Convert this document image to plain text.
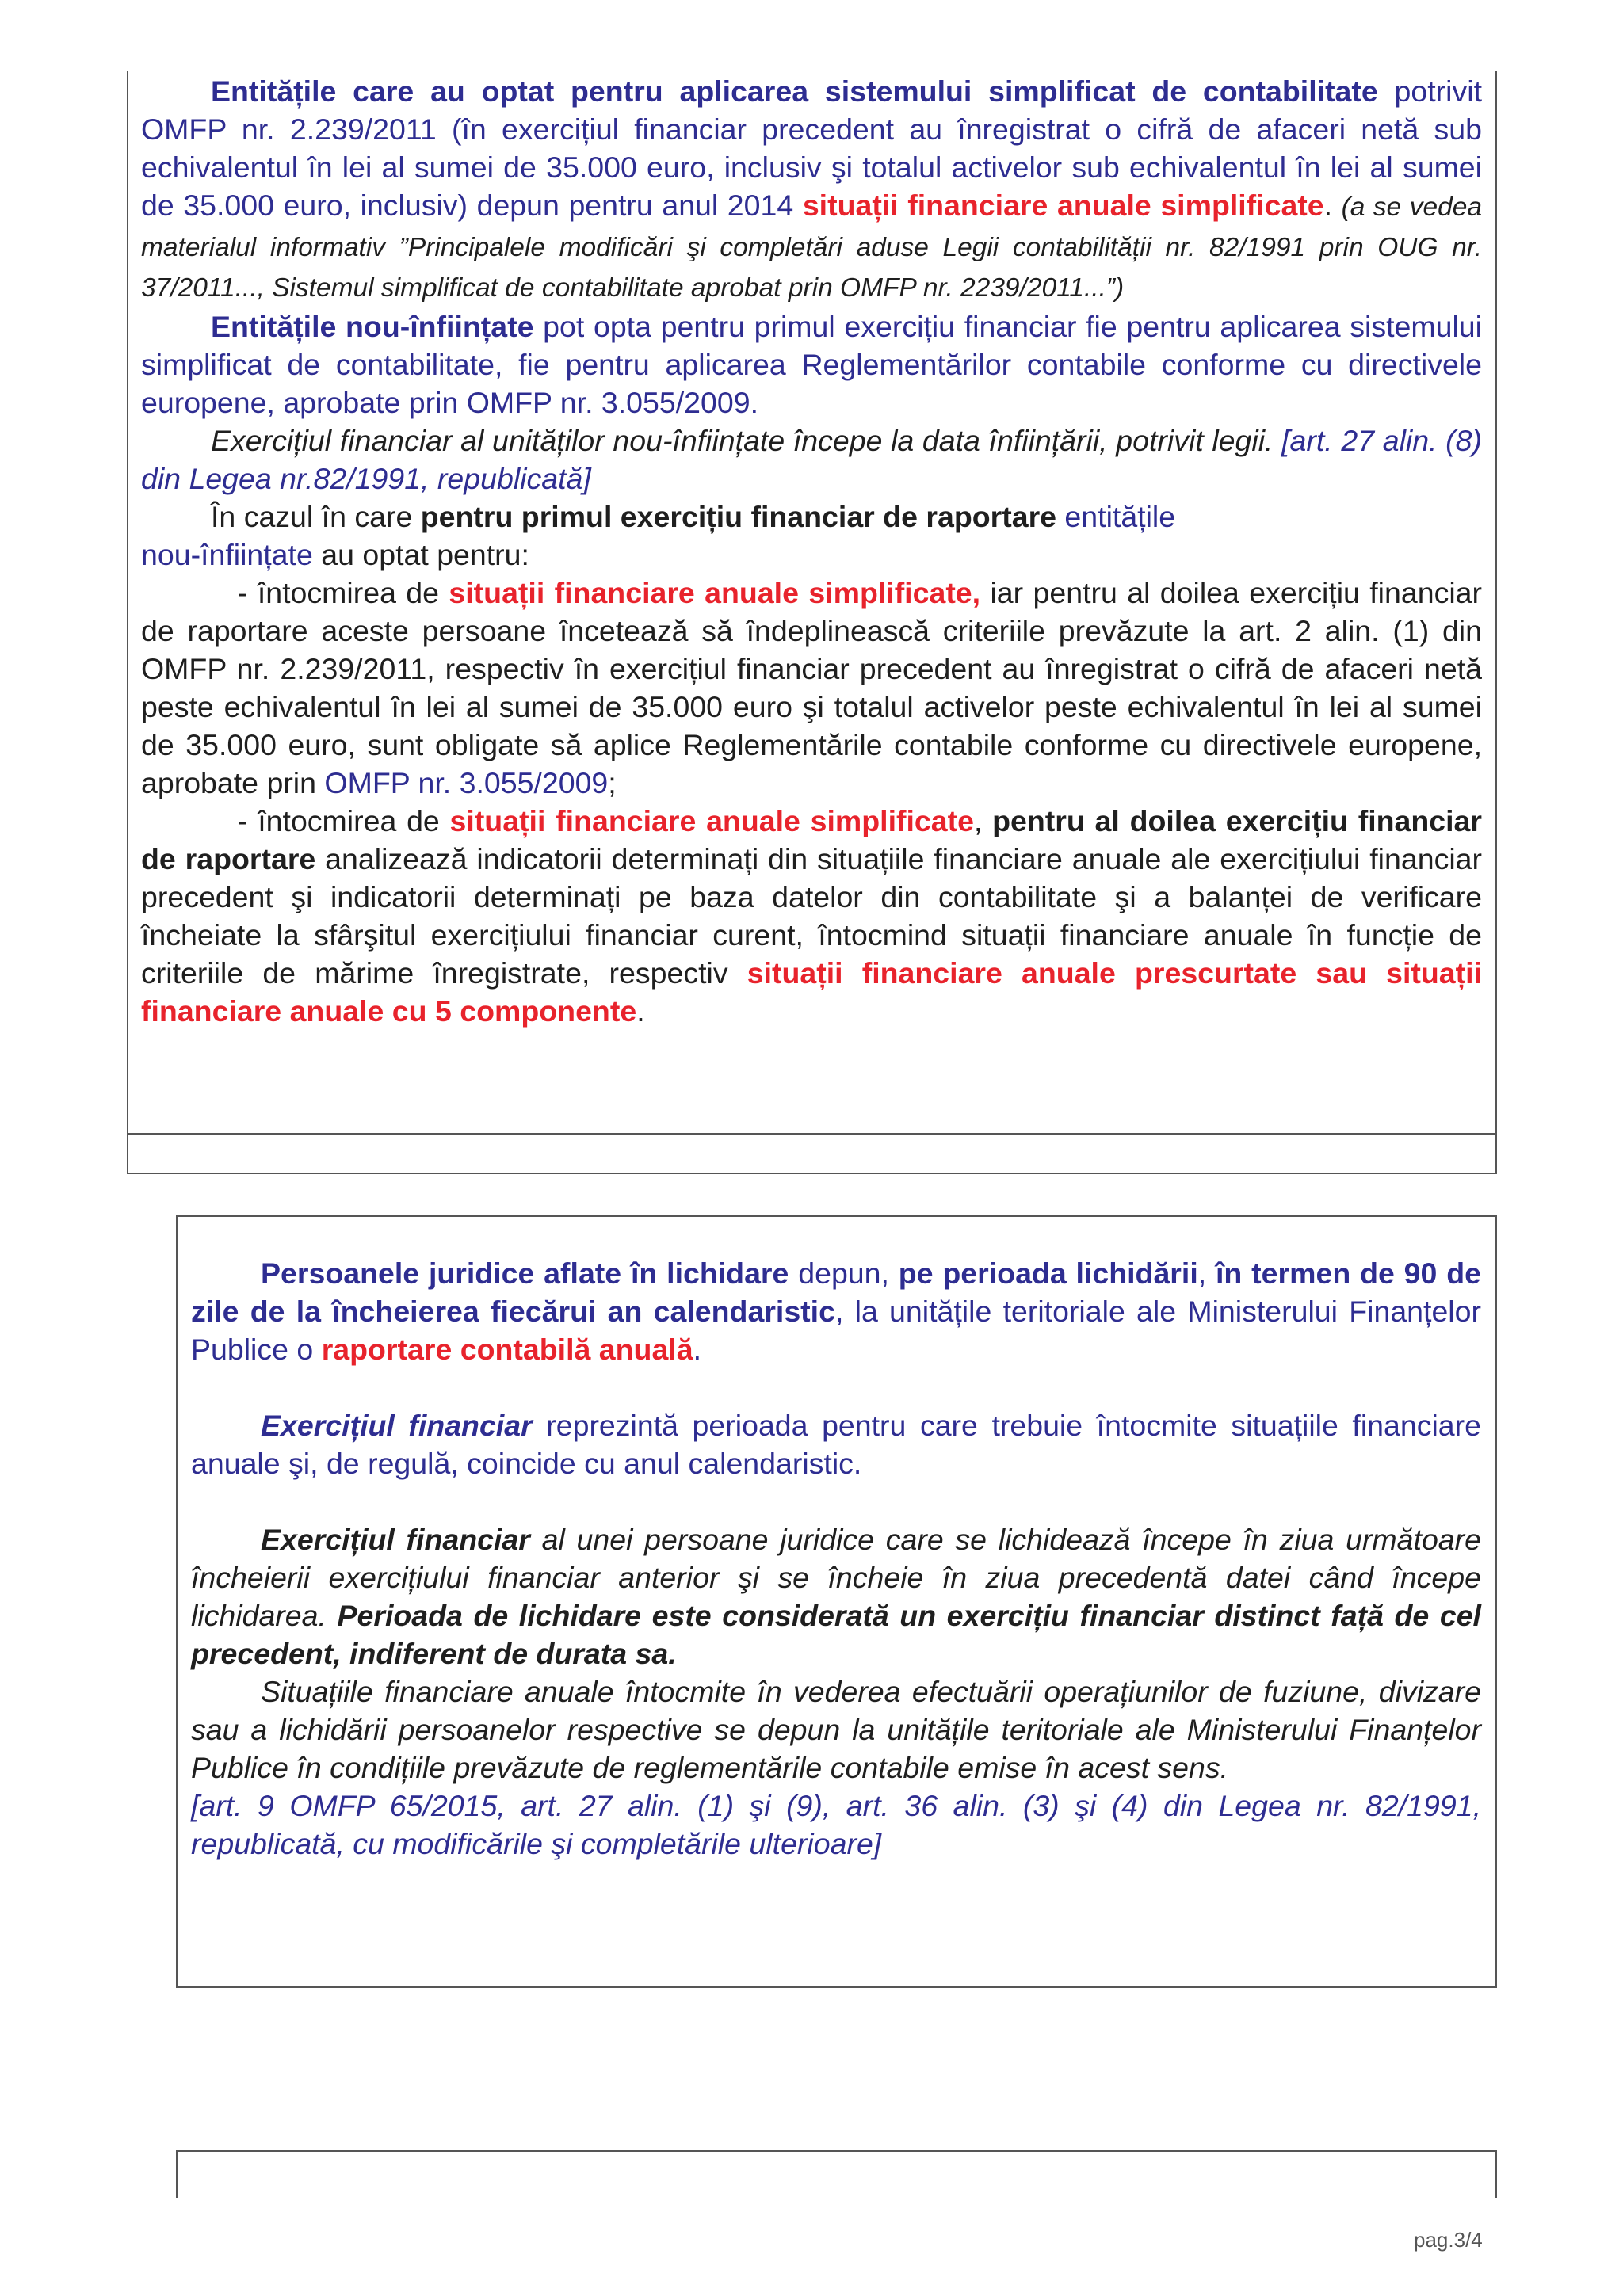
Entitățile care au optat pentru aplicarea sistemului simplificat de contabilitate potrivit OMFP nr. 2.239/2011 (în exercițiul financiar precedent au înregistrat o cifră de afaceri netă sub echivalentul în lei al sumei de 35.000 euro, inclusiv şi totalul activelor sub echivalentul în lei al sumei de 35.000 euro, inclusiv) depun pentru anul 2014 situații financiare anuale simplificate. (a se vedea materialul informativ ”Principalele modificări şi completări aduse Legii contabilității nr. 82/1991 prin OUG nr. 37/2011..., Sistemul simplificat de contabilitate aprobat prin OMFP nr. 2239/2011...”)

Entitățile nou-înființate pot opta pentru primul exercițiu financiar fie pentru aplicarea sistemului simplificat de contabilitate, fie pentru aplicarea Reglementărilor contabile conforme cu directivele europene, aprobate prin OMFP nr. 3.055/2009.

Exercițiul financiar al unităților nou-înființate începe la data înființării, potrivit legii. [art. 27 alin. (8) din Legea nr.82/1991, republicată]

În cazul în care pentru primul exercițiu financiar de raportare entitățile

nou-înființate au optat pentru:

- întocmirea de situații financiare anuale simplificate, iar pentru al doilea exercițiu financiar de raportare aceste persoane încetează să îndeplinească criteriile prevăzute la art. 2 alin. (1) din OMFP nr. 2.239/2011, respectiv în exercițiul financiar precedent au înregistrat o cifră de afaceri netă peste echivalentul în lei al sumei de 35.000 euro şi totalul activelor peste echivalentul în lei al sumei de 35.000 euro, sunt obligate să aplice Reglementările contabile conforme cu directivele europene, aprobate prin OMFP nr. 3.055/2009;

- întocmirea de situații financiare anuale simplificate, pentru al doilea exercițiu financiar de raportare analizează indicatorii determinați din situațiile financiare anuale ale exercițiului financiar precedent şi indicatorii determinați pe baza datelor din contabilitate şi a balanței de verificare încheiate la sfârşitul exercițiului financiar curent, întocmind situații financiare anuale în funcție de criteriile de mărime înregistrate, respectiv situații financiare anuale prescurtate sau situații financiare anuale cu 5 componente.

Persoanele juridice aflate în lichidare depun, pe perioada lichidării, în termen de 90 de zile de la încheierea fiecărui an calendaristic, la unitățile teritoriale ale Ministerului Finanțelor Publice o raportare contabilă anuală.

Exercițiul financiar reprezintă perioada pentru care trebuie întocmite situațiile financiare anuale şi, de regulă, coincide cu anul calendaristic.

Exercițiul financiar al unei persoane juridice care se lichidează începe în ziua următoare încheierii exercițiului financiar anterior şi se încheie în ziua precedentă datei când începe lichidarea. Perioada de lichidare este considerată un exercițiu financiar distinct față de cel precedent, indiferent de durata sa.

Situațiile financiare anuale întocmite în vederea efectuării operațiunilor de fuziune, divizare sau a lichidării persoanelor respective se depun la unitățile teritoriale ale Ministerului Finanțelor Publice în condițiile prevăzute de reglementările contabile emise în acest sens.

[art. 9 OMFP 65/2015, art. 27 alin. (1) şi (9), art. 36 alin. (3) şi (4) din Legea nr. 82/1991, republicată, cu modificările şi completările ulterioare]

pag.3/4
